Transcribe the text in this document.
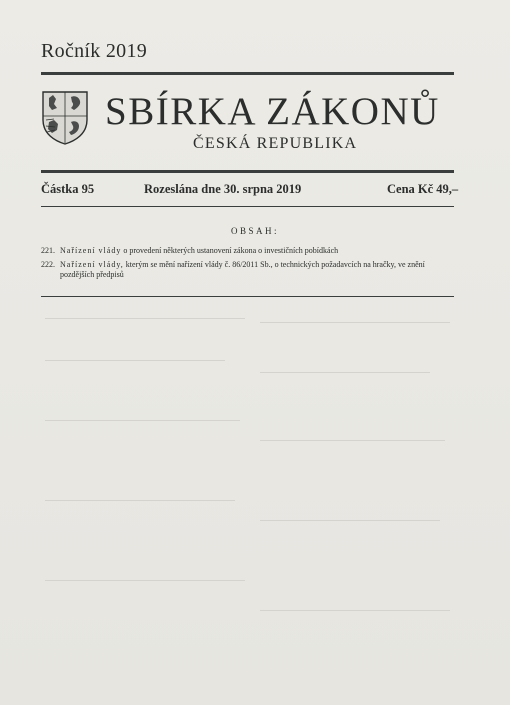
Ročník 2019
SBÍRKA ZÁKONŮ
ČESKÁ REPUBLIKA
Částka 95	Rozeslána dne 30. srpna 2019	Cena Kč 49,–
OBSAH:
221. Nařízení vlády o provedení některých ustanovení zákona o investičních pobídkách
222. Nařízení vlády, kterým se mění nařízení vlády č. 86/2011 Sb., o technických požadavcích na hračky, ve znění pozdějších předpisů
